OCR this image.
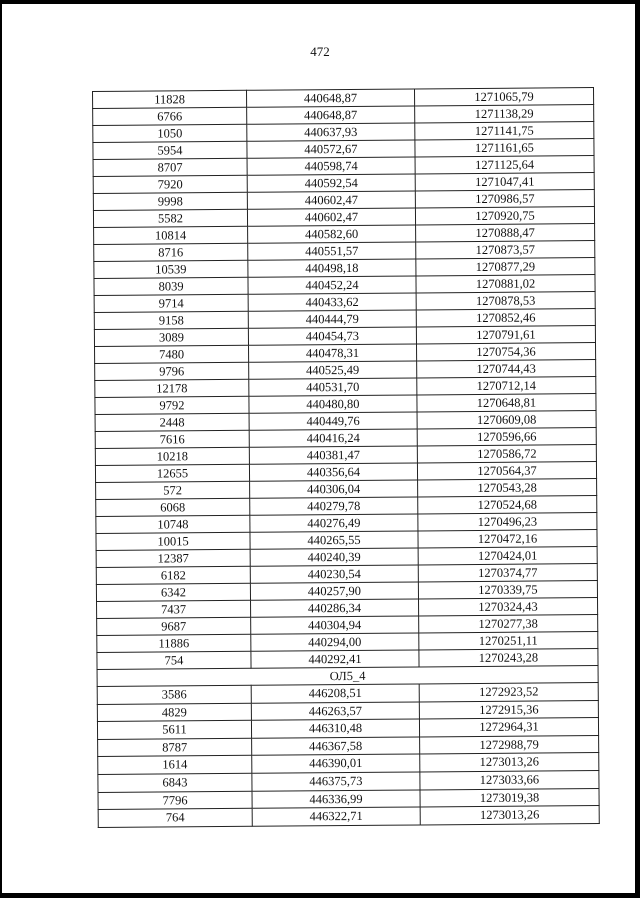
472
11828	440648,87	1271065,79
6766	440648,87	1271138,29
1050	440637,93	1271141,75
5954	440572,67	1271161,65
8707	440598,74	1271125,64
7920	440592,54	1271047,41
9998	440602,47	1270986,57
5582	440602,47	1270920,75
10814	440582,60	1270888,47
8716	440551,57	1270873,57
10539	440498,18	1270877,29
8039	440452,24	1270881,02
9714	440433,62	1270878,53
9158	440444,79	1270852,46
3089	440454,73	1270791,61
7480	440478,31	1270754,36
9796	440525,49	1270744,43
12178	440531,70	1270712,14
9792	440480,80	1270648,81
2448	440449,76	1270609,08
7616	440416,24	1270596,66
10218	440381,47	1270586,72
12655	440356,64	1270564,37
572	440306,04	1270543,28
6068	440279,78	1270524,68
10748	440276,49	1270496,23
10015	440265,55	1270472,16
12387	440240,39	1270424,01
6182	440230,54	1270374,77
6342	440257,90	1270339,75
7437	440286,34	1270324,43
9687	440304,94	1270277,38
11886	440294,00	1270251,11
754	440292,41	1270243,28
ОЛ5_4		
3586	446208,51	1272923,52
4829	446263,57	1272915,36
5611	446310,48	1272964,31
8787	446367,58	1272988,79
1614	446390,01	1273013,26
6843	446375,73	1273033,66
7796	446336,99	1273019,38
764	446322,71	1273013,26
